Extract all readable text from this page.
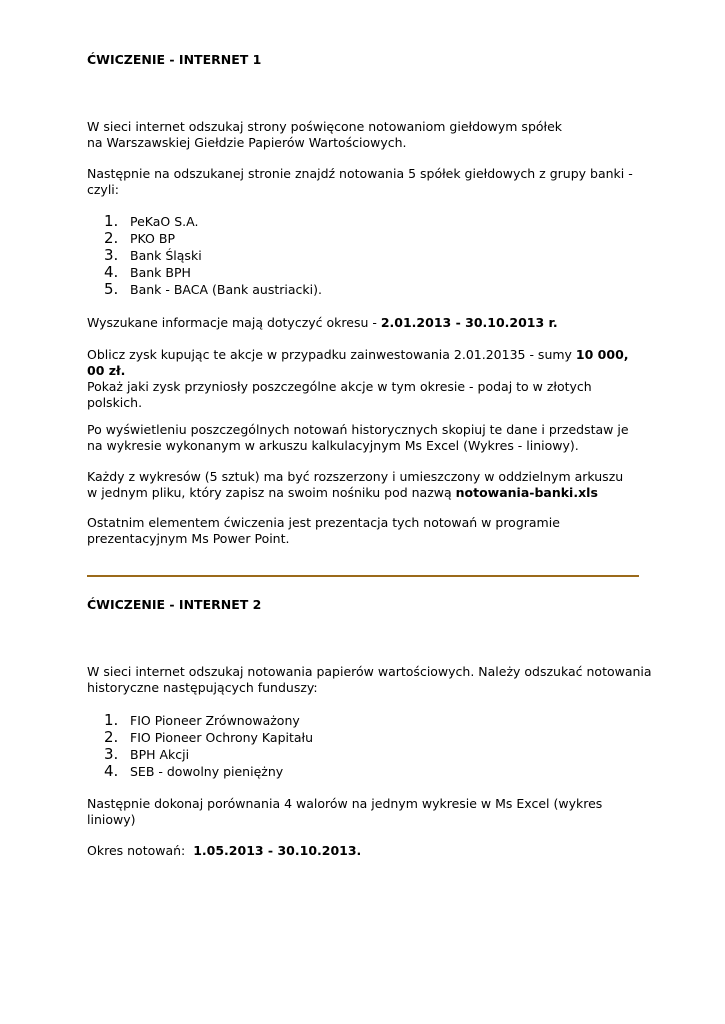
ĆWICZENIE - INTERNET 1
W sieci internet odszukaj strony poświęcone notowaniom giełdowym spółek
na Warszawskiej Giełdzie Papierów Wartościowych.
Następnie na odszukanej stronie znajdź notowania 5 spółek giełdowych z grupy banki -
czyli:
1. PeKaO S.A.
2. PKO BP
3. Bank Śląski
4. Bank BPH
5. Bank - BACA (Bank austriacki).
Wyszukane informacje mają dotyczyć okresu - 2.01.2013 - 30.10.2013 r.
Oblicz zysk kupując te akcje w przypadku zainwestowania 2.01.20135 - sumy 10 000,
00 zł.
Pokaż jaki zysk przyniosły poszczególne akcje w tym okresie - podaj to w złotych
polskich.
Po wyświetleniu poszczególnych notowań historycznych skopiuj te dane i przedstaw je
na wykresie wykonanym w arkuszu kalkulacyjnym Ms Excel (Wykres - liniowy).
Każdy z wykresów (5 sztuk) ma być rozszerzony i umieszczony w oddzielnym arkuszu
w jednym pliku, który zapisz na swoim nośniku pod nazwą notowania-banki.xls
Ostatnim elementem ćwiczenia jest prezentacja tych notowań w programie
prezentacyjnym Ms Power Point.
ĆWICZENIE - INTERNET 2
W sieci internet odszukaj notowania papierów wartościowych. Należy odszukać notowania
historyczne następujących funduszy:
1. FIO Pioneer Zrównoważony
2. FIO Pioneer Ochrony Kapitału
3. BPH Akcji
4. SEB - dowolny pieniężny
Następnie dokonaj porównania 4 walorów na jednym wykresie w Ms Excel (wykres
liniowy)
Okres notowań:  1.05.2013 - 30.10.2013.
